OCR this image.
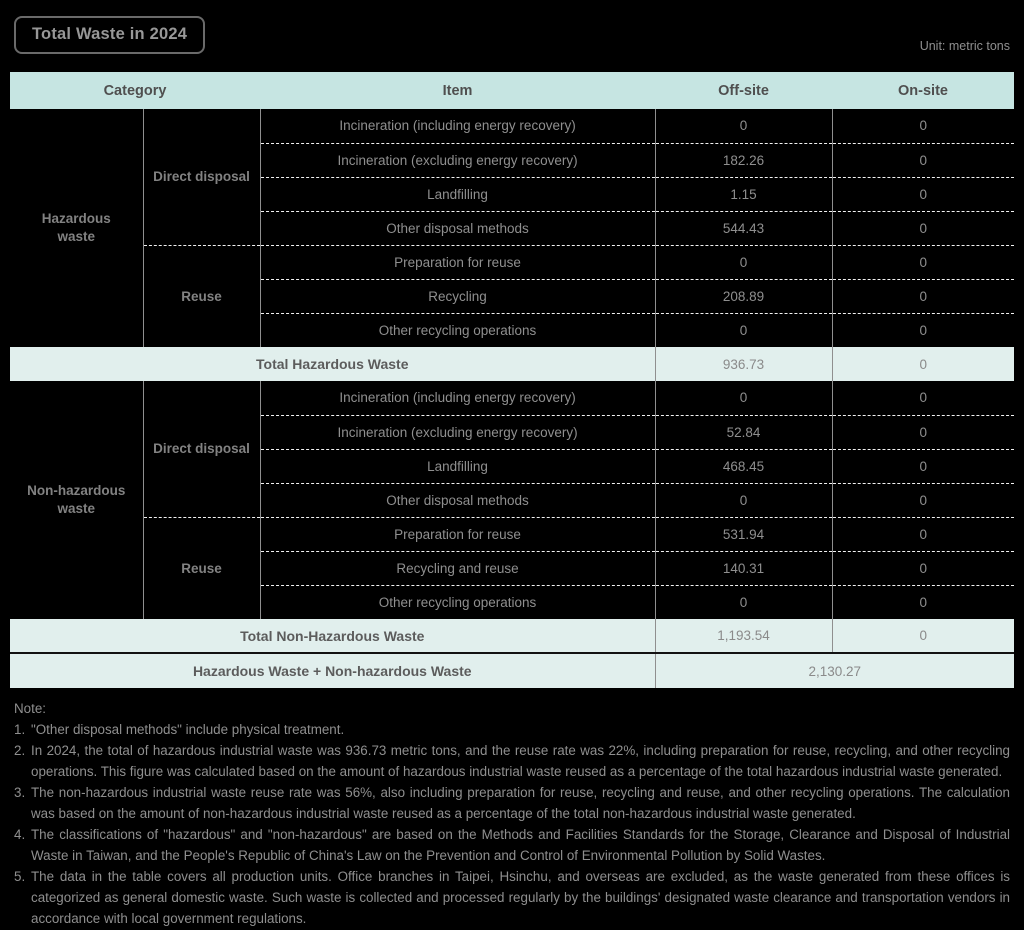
Total Waste in 2024
Unit: metric tons
Category		Item	Off-site	On-site

Hazardous
waste	Direct disposal	Incineration (including energy recovery)	0	0
		Incineration (excluding energy recovery)	182.26	0
		Landfilling	1.15	0
		Other disposal methods	544.43	0
	Reuse	Preparation for reuse	0	0
		Recycling	208.89	0
		Other recycling operations	0	0
Total Hazardous Waste			936.73	0

Non-hazardous
waste	Direct disposal	Incineration (including energy recovery)	0	0
		Incineration (excluding energy recovery)	52.84	0
		Landfilling	468.45	0
		Other disposal methods	0	0
	Reuse	Preparation for reuse	531.94	0
		Recycling and reuse	140.31	0
		Other recycling operations	0	0
Total Non-Hazardous Waste			1,193.54	0
Hazardous Waste + Non-hazardous Waste			2,130.27	
Note:
1. "Other disposal methods" include physical treatment.
2. In 2024, the total of hazardous industrial waste was 936.73 metric tons, and the reuse rate was 22%, including preparation for reuse, recycling, and other recycling operations. This figure was calculated based on the amount of hazardous industrial waste reused as a percentage of the total hazardous industrial waste generated.
3. The non-hazardous industrial waste reuse rate was 56%, also including preparation for reuse, recycling and reuse, and other recycling operations. The calculation was based on the amount of non-hazardous industrial waste reused as a percentage of the total non-hazardous industrial waste generated.
4. The classifications of "hazardous" and "non-hazardous" are based on the Methods and Facilities Standards for the Storage, Clearance and Disposal of Industrial Waste in Taiwan, and the People's Republic of China's Law on the Prevention and Control of Environmental Pollution by Solid Wastes.
5. The data in the table covers all production units. Office branches in Taipei, Hsinchu, and overseas are excluded, as the waste generated from these offices is categorized as general domestic waste. Such waste is collected and processed regularly by the buildings' designated waste clearance and transportation vendors in accordance with local government regulations.
